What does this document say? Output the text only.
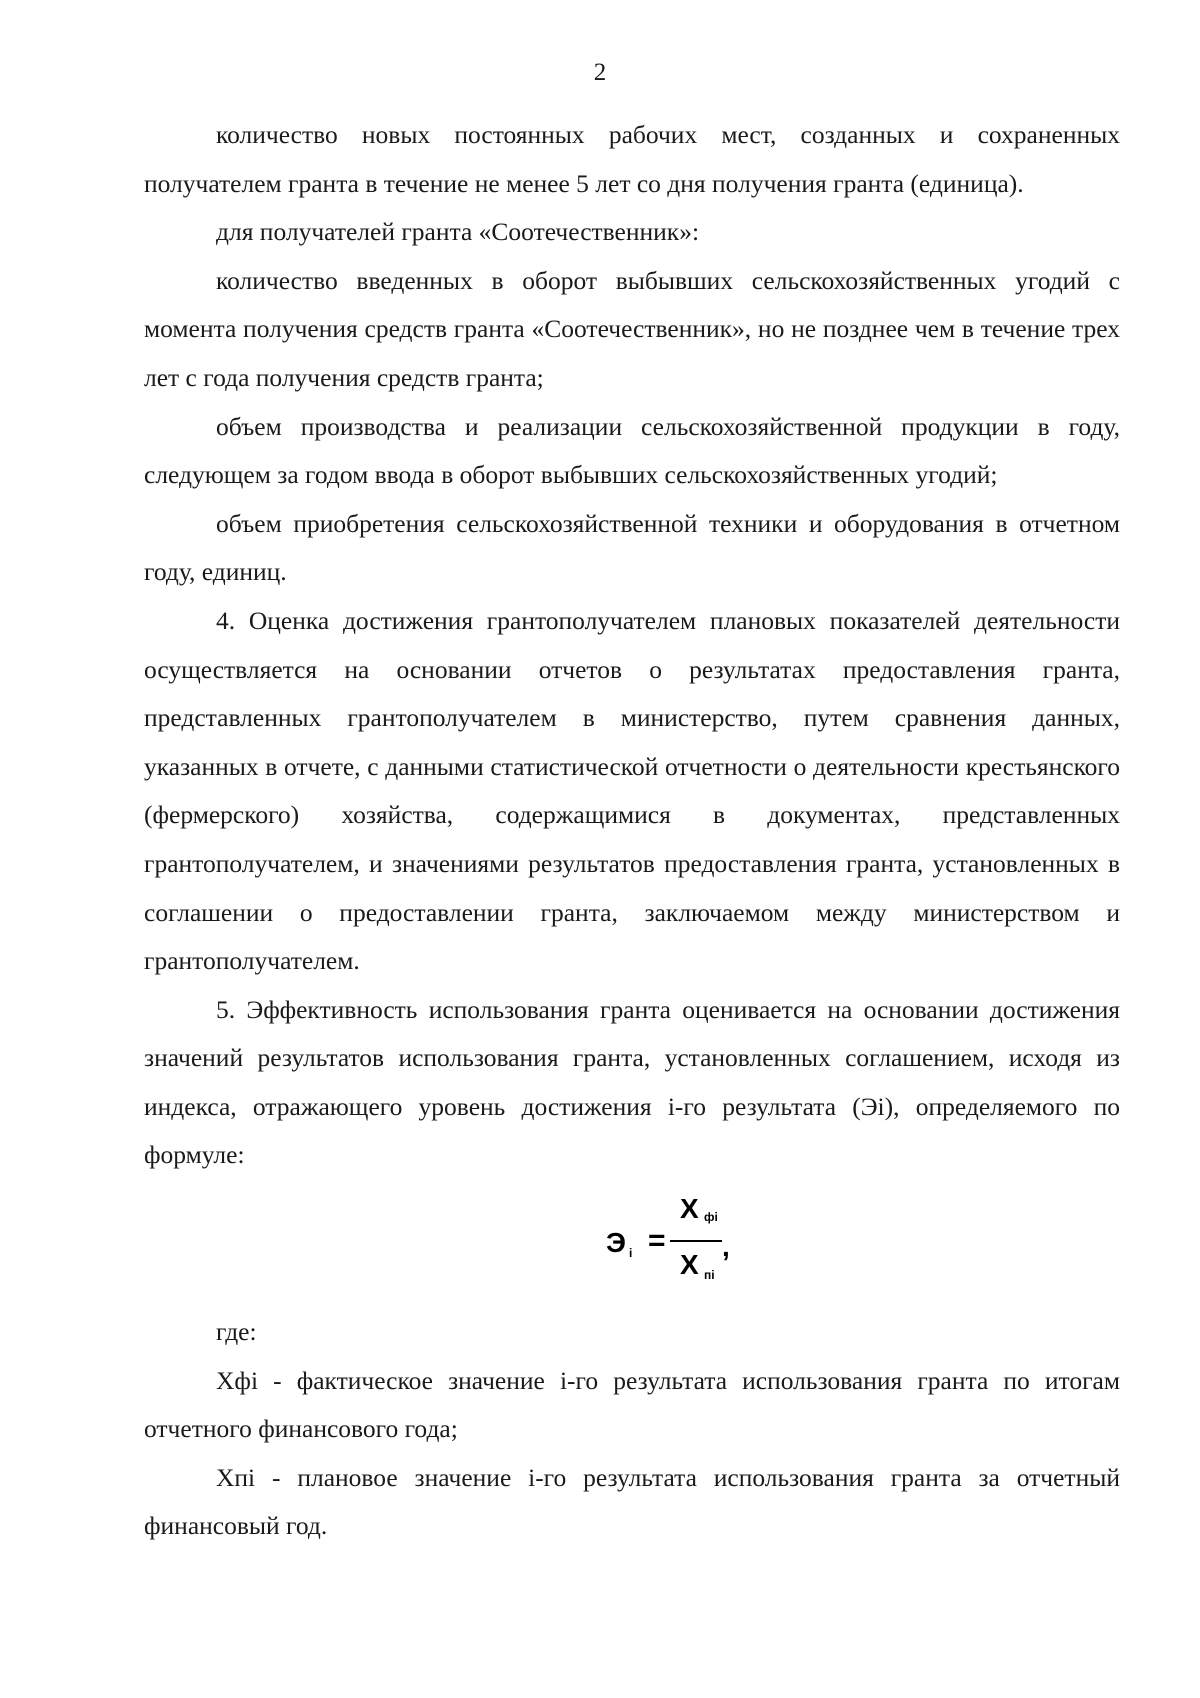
2

количество новых постоянных рабочих мест, созданных и сохраненных получателем гранта в течение не менее 5 лет со дня получения гранта (единица).

для получателей гранта «Соотечественник»:

количество введенных в оборот выбывших сельскохозяйственных угодий с момента получения средств гранта «Соотечественник», но не позднее чем в течение трех лет с года получения средств гранта;

объем производства и реализации сельскохозяйственной продукции в году, следующем за годом ввода в оборот выбывших сельскохозяйственных угодий;

объем приобретения сельскохозяйственной техники и оборудования в отчетном году, единиц.

4. Оценка достижения грантополучателем плановых показателей деятельности осуществляется на основании отчетов о результатах предоставления гранта, представленных грантополучателем в министерство, путем сравнения данных, указанных в отчете, с данными статистической отчетности о деятельности крестьянского (фермерского) хозяйства, содержащимися в документах, представленных грантополучателем, и значениями результатов предоставления гранта, установленных в соглашении о предоставлении гранта, заключаемом между министерством и грантополучателем.

5. Эффективность использования гранта оценивается на основании достижения значений результатов использования гранта, установленных соглашением, исходя из индекса, отражающего уровень достижения i-го результата (Эi), определяемого по формуле:

Э i =
X фi
X пi
,

где:

Хфi - фактическое значение i-го результата использования гранта по итогам отчетного финансового года;

Хпi - плановое значение i-го результата использования гранта за отчетный финансовый год.
